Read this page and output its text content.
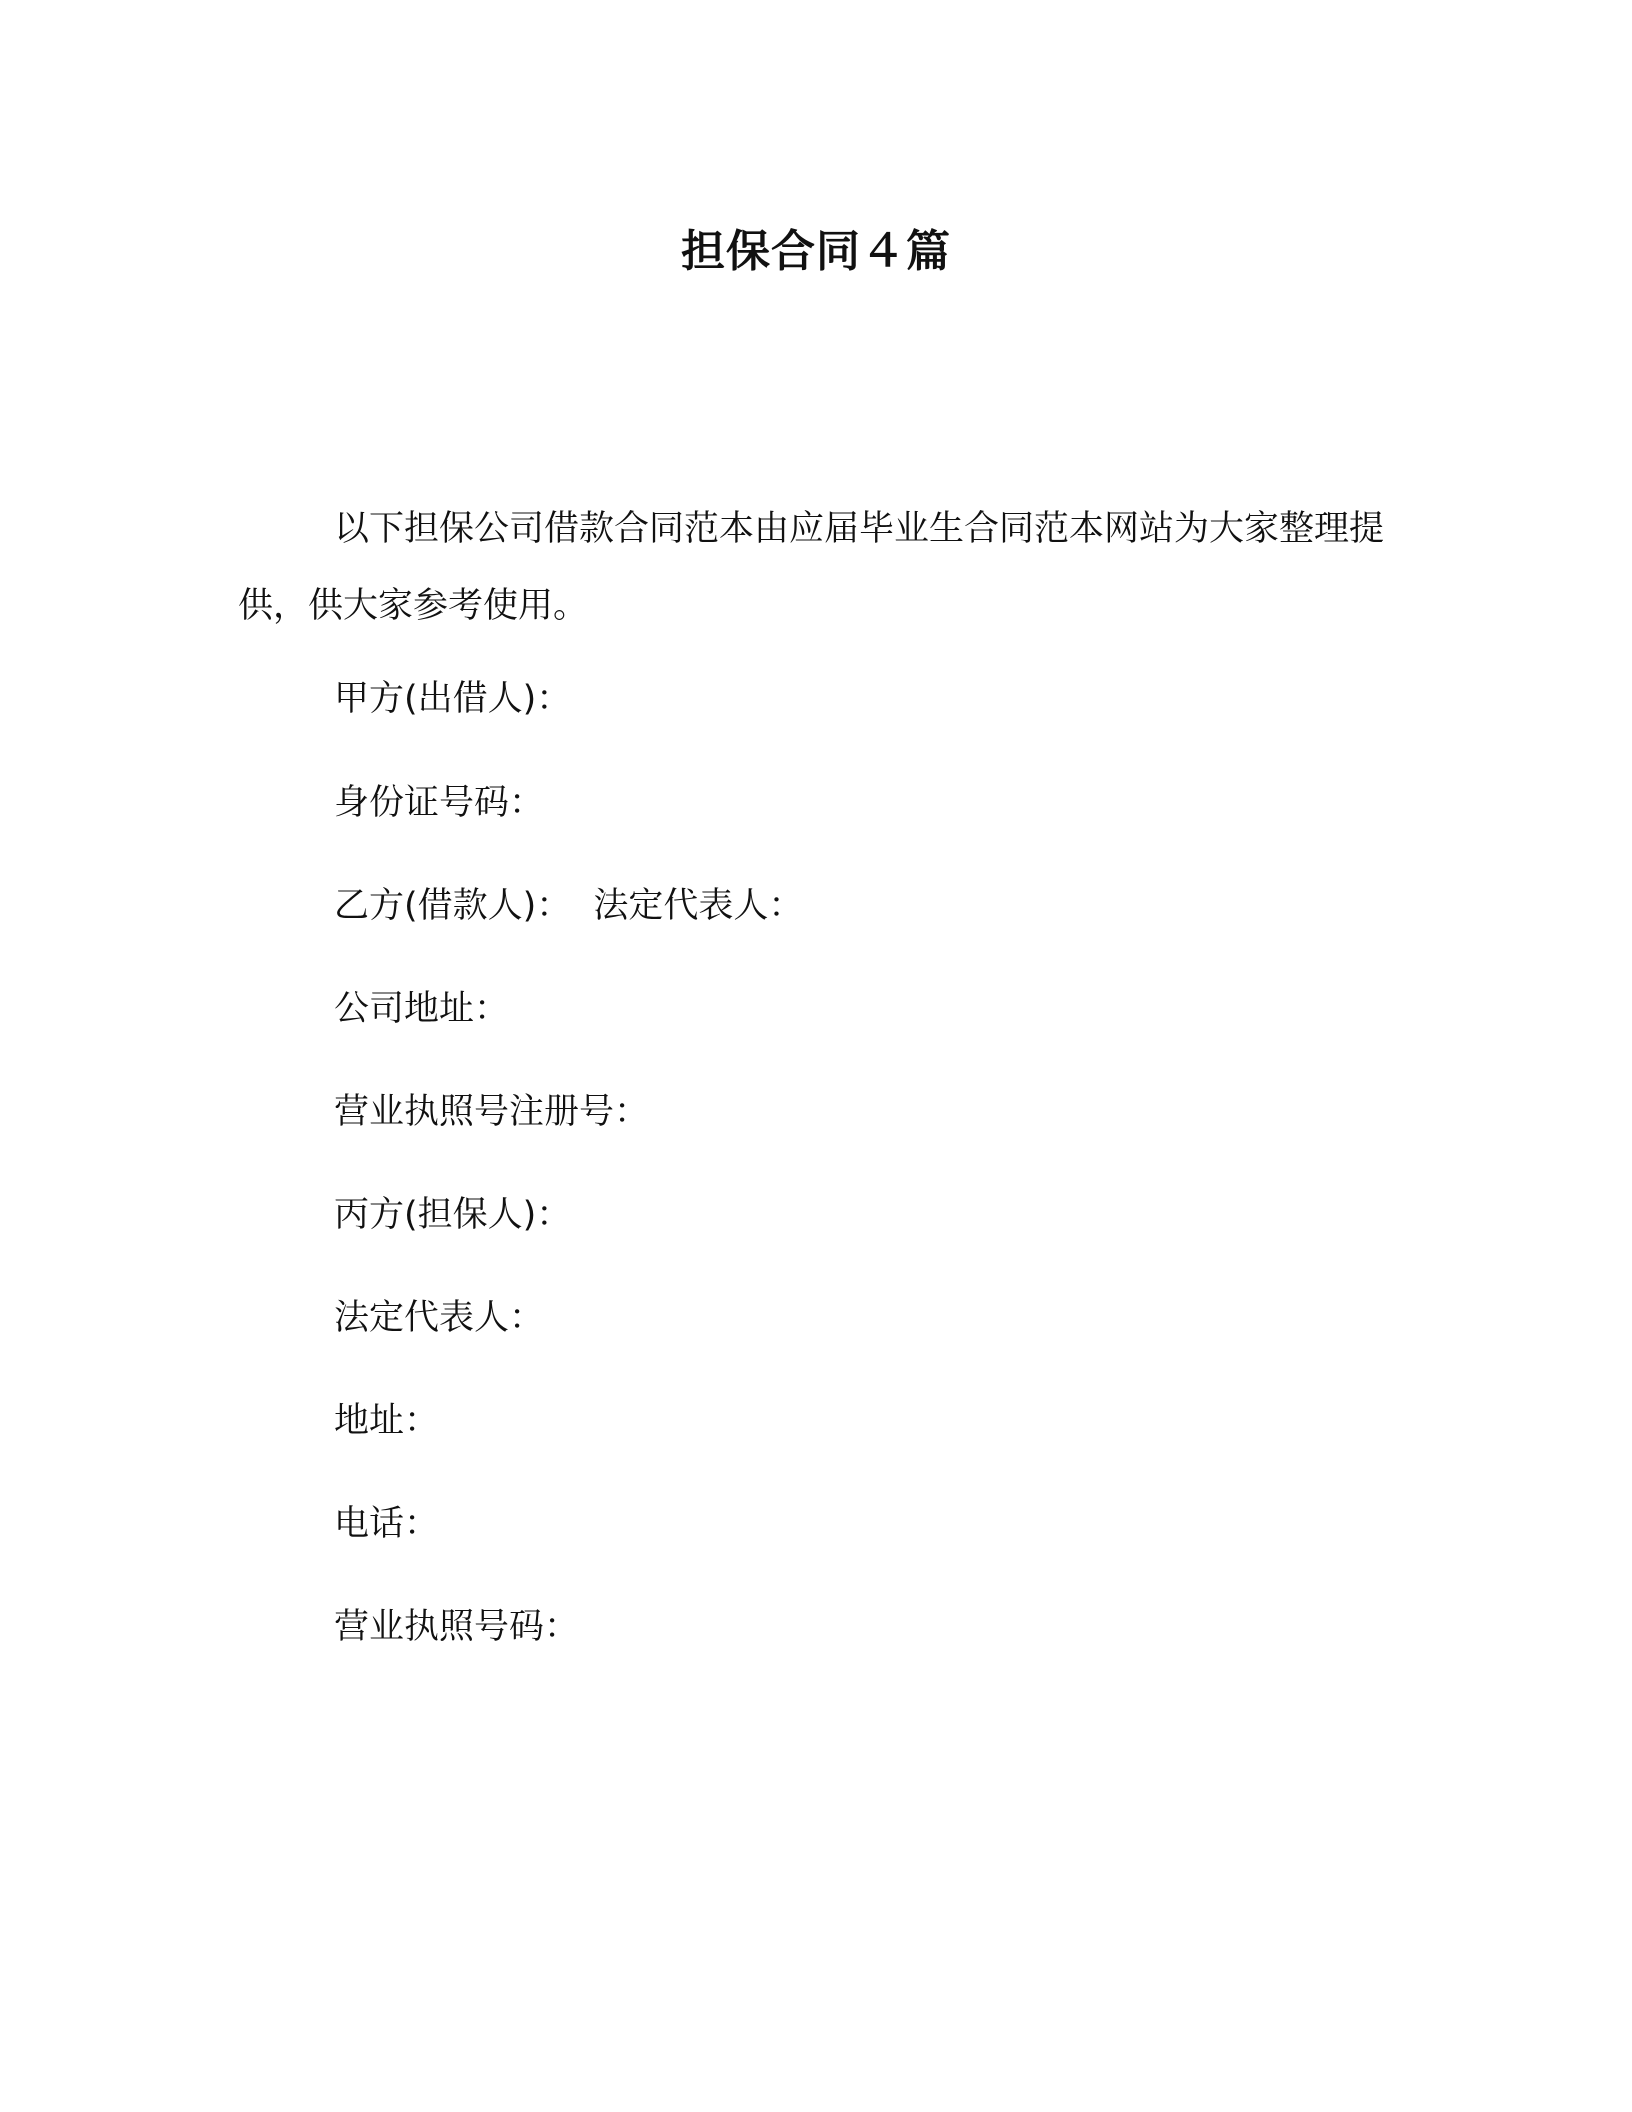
担保合同４篇

以下担保公司借款合同范本由应届毕业生合同范本网站为大家整理提供，供大家参考使用。

甲方(出借人)：

身份证号码：

乙方(借款人)： 法定代表人：

公司地址：

营业执照号注册号：

丙方(担保人)：

法定代表人：

地址：

电话：

营业执照号码：
